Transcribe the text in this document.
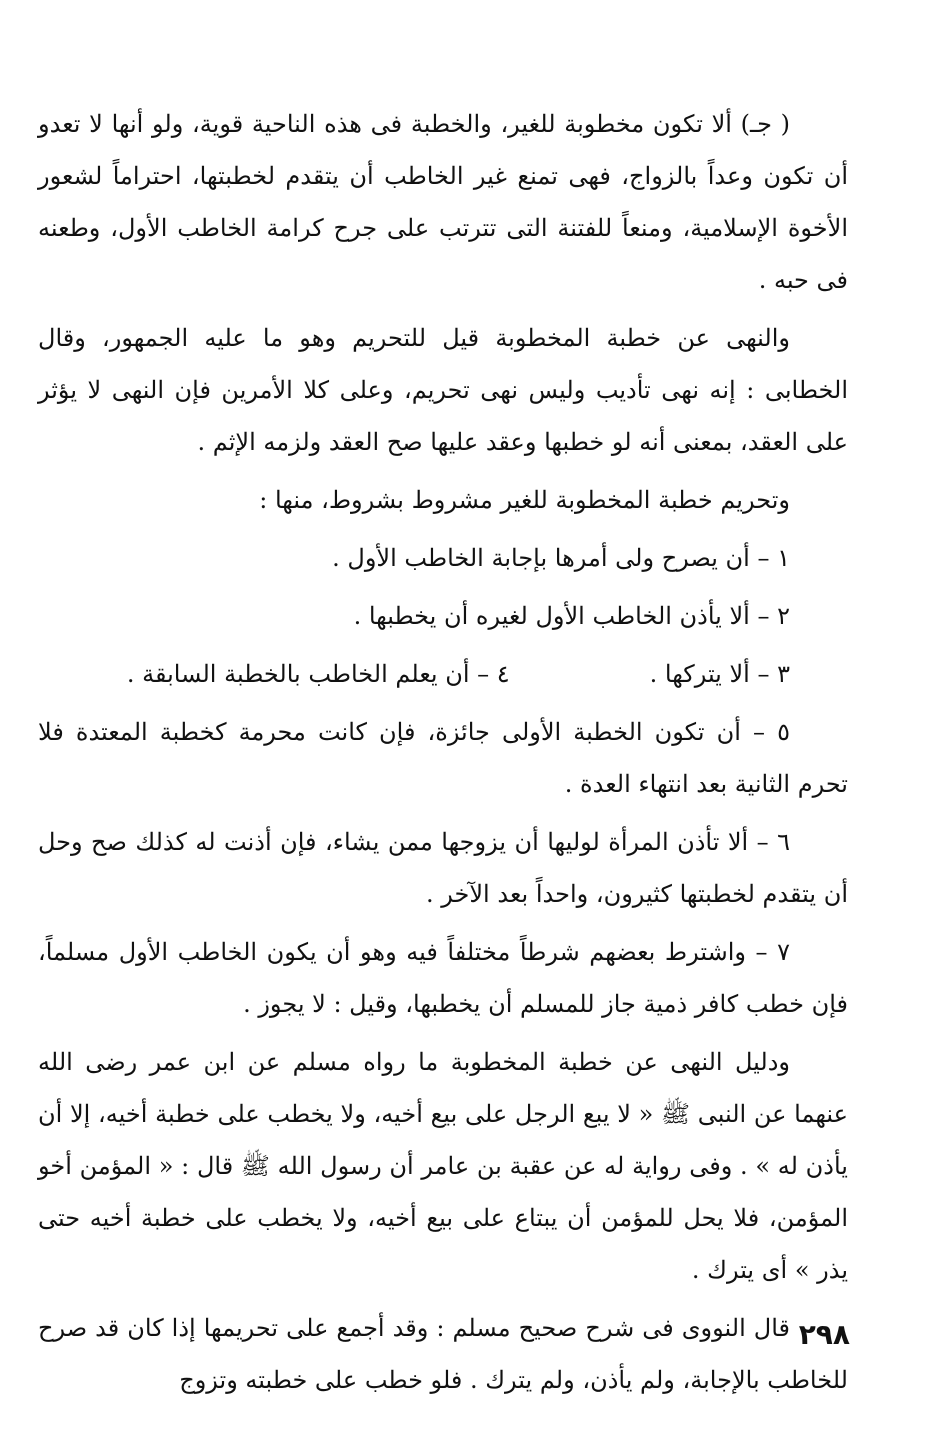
( جـ) ألا تكون مخطوبة للغير، والخطبة فى هذه الناحية قوية، ولو أنها لا تعدو أن تكون وعداً بالزواج، فهى تمنع غير الخاطب أن يتقدم لخطبتها، احتراماً لشعور الأخوة الإسلامية، ومنعاً للفتنة التى تترتب على جرح كرامة الخاطب الأول، وطعنه فى حبه .

والنهى عن خطبة المخطوبة قيل للتحريم وهو ما عليه الجمهور، وقال الخطابى : إنه نهى تأديب وليس نهى تحريم، وعلى كلا الأمرين فإن النهى لا يؤثر على العقد، بمعنى أنه لو خطبها وعقد عليها صح العقد ولزمه الإثم .

وتحريم خطبة المخطوبة للغير مشروط بشروط، منها :

١ – أن يصرح ولى أمرها بإجابة الخاطب الأول .

٢ – ألا يأذن الخاطب الأول لغيره أن يخطبها .

٣ – ألا يتركها .
٤ – أن يعلم الخاطب بالخطبة السابقة .

٥ – أن تكون الخطبة الأولى جائزة، فإن كانت محرمة كخطبة المعتدة فلا تحرم الثانية بعد انتهاء العدة .

٦ – ألا تأذن المرأة لوليها أن يزوجها ممن يشاء، فإن أذنت له كذلك صح وحل أن يتقدم لخطبتها كثيرون، واحداً بعد الآخر .

٧ – واشترط بعضهم شرطاً مختلفاً فيه وهو أن يكون الخاطب الأول مسلماً، فإن خطب كافر ذمية جاز للمسلم أن يخطبها، وقيل : لا يجوز .

ودليل النهى عن خطبة المخطوبة ما رواه مسلم عن ابن عمر رضى الله عنهما عن النبى ﷺ « لا يبع الرجل على بيع أخيه، ولا يخطب على خطبة أخيه، إلا أن يأذن له » . وفى رواية له عن عقبة بن عامر أن رسول الله ﷺ قال : « المؤمن أخو المؤمن، فلا يحل للمؤمن أن يبتاع على بيع أخيه، ولا يخطب على خطبة أخيه حتى يذر » أى يترك .

قال النووى فى شرح صحيح مسلم : وقد أجمع على تحريمها إذا كان قد صرح للخاطب بالإجابة، ولم يأذن، ولم يترك . فلو خطب على خطبته وتزوج

٢٩٨
